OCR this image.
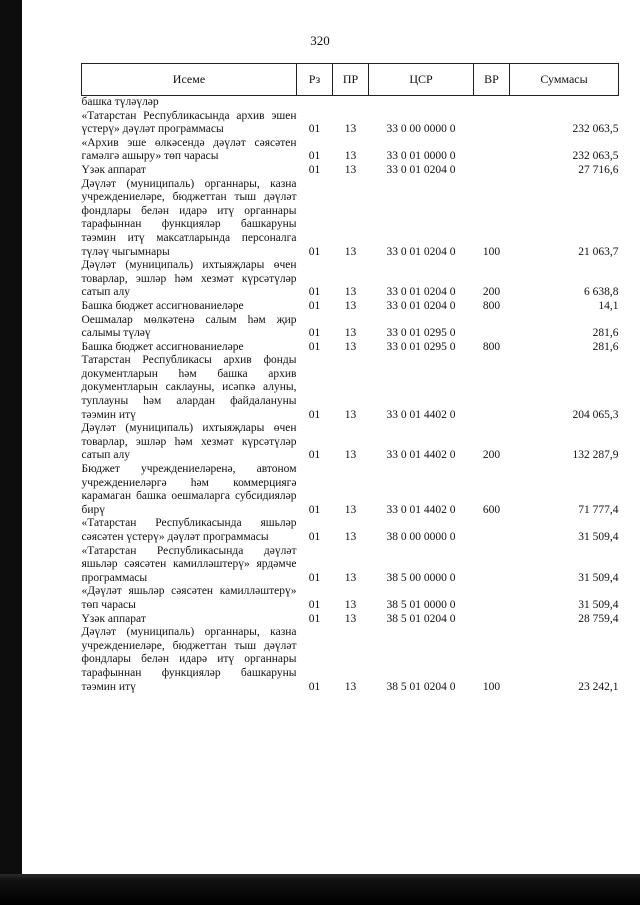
320
Исеме	Рз	ПР	ЦСР	ВР	Суммасы
башка түләүләр					
«Татарстан Республикасында архив эшен үстерү» дәүләт программасы	01	13	33 0 00 0000 0		232 063,5
«Архив эше өлкәсендә дәүләт сәясәтен гамәлгә ашыру» төп чарасы	01	13	33 0 01 0000 0		232 063,5
Үзәк аппарат	01	13	33 0 01 0204 0		27 716,6
Дәүләт (муниципаль) органнары, казна учреждениеләре, бюджеттан тыш дәүләт фондлары белән идарә итү органнары тарафыннан функцияләр башкаруны тәэмин итү максатларында персоналга түләү чыгымнары	01	13	33 0 01 0204 0	100	21 063,7
Дәүләт (муниципаль) ихтыяҗлары өчен товарлар, эшләр һәм хезмәт күрсәтүләр сатып алу	01	13	33 0 01 0204 0	200	6 638,8
Башка бюджет ассигнованиеләре	01	13	33 0 01 0204 0	800	14,1
Оешмалар мөлкәтенә салым һәм җир салымы түләү	01	13	33 0 01 0295 0		281,6
Башка бюджет ассигнованиеләре	01	13	33 0 01 0295 0	800	281,6
Татарстан Республикасы архив фонды документларын һәм башка архив документларын саклауны, исәпкә алуны, туплауны һәм алардан файдалануны тәэмин итү	01	13	33 0 01 4402 0		204 065,3
Дәүләт (муниципаль) ихтыяҗлары өчен товарлар, эшләр һәм хезмәт күрсәтүләр сатып алу	01	13	33 0 01 4402 0	200	132 287,9
Бюджет учреждениеләренә, автоном учреждениеләргә һәм коммерциягә карамаган башка оешмаларга субсидияләр бирү	01	13	33 0 01 4402 0	600	71 777,4
«Татарстан Республикасында яшьләр сәясәтен үстерү» дәүләт программасы	01	13	38 0 00 0000 0		31 509,4
«Татарстан Республикасында дәүләт яшьләр сәясәтен камилләштерү» ярдәмче программасы	01	13	38 5 00 0000 0		31 509,4
«Дәүләт яшьләр сәясәтен камилләштерү» төп чарасы	01	13	38 5 01 0000 0		31 509,4
Үзәк аппарат	01	13	38 5 01 0204 0		28 759,4
Дәүләт (муниципаль) органнары, казна учреждениеләре, бюджеттан тыш дәүләт фондлары белән идарә итү органнары тарафыннан функцияләр башкаруны тәэмин итү	01	13	38 5 01 0204 0	100	23 242,1
